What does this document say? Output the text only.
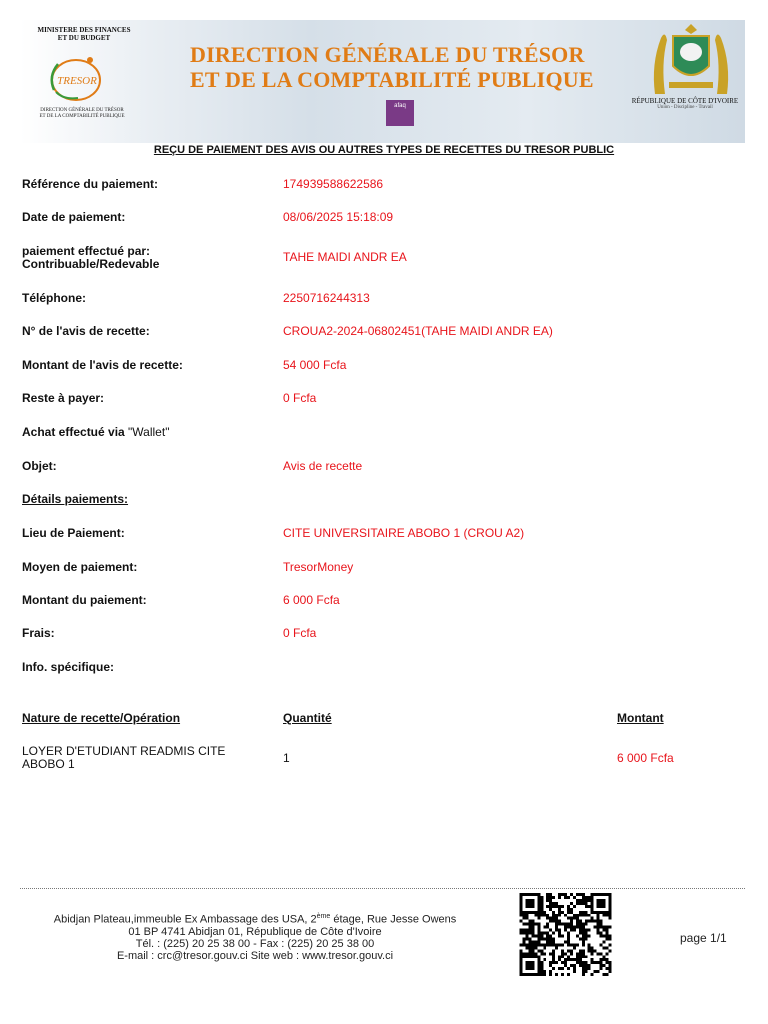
MINISTERE DES FINANCES
ET DU BUDGET
TRESOR
DIRECTION GÉNÉRALE DU TRÉSOR
ET DE LA COMPTABILITÉ PUBLIQUE
DIRECTION GÉNÉRALE DU TRÉSOR
ET DE LA COMPTABILITÉ PUBLIQUE
afaq
RÉPUBLIQUE DE CÔTE D'IVOIRE
Union - Discipline - Travail
REÇU DE PAIEMENT DES AVIS OU AUTRES TYPES DE RECETTES DU TRESOR PUBLIC
Référence du paiement:	174939588622586
Date de paiement:	08/06/2025 15:18:09
paiement effectué par:
Contribuable/Redevable	TAHE MAIDI ANDR EA
Téléphone:	2250716244313
N° de l'avis de recette:	CROUA2-2024-06802451(TAHE MAIDI ANDR EA)
Montant de l'avis de recette:	54 000 Fcfa
Reste à payer:	0 Fcfa
Achat effectué via "Wallet"
Objet:	Avis de recette
Détails paiements:
Lieu de Paiement:	CITE UNIVERSITAIRE ABOBO 1 (CROU A2)
Moyen de paiement:	TresorMoney
Montant du paiement:	6 000 Fcfa
Frais:	0 Fcfa
Info. spécifique:
Nature de recette/Opération	Quantité	Montant
LOYER D'ETUDIANT READMIS CITE
ABOBO 1	1	6 000 Fcfa
Abidjan Plateau,immeuble Ex Ambassage des USA, 2ème étage, Rue Jesse Owens
01 BP 4741 Abidjan 01, République de Côte d'Ivoire
Tél. : (225) 20 25 38 00 - Fax : (225) 20 25 38 00
E-mail : crc@tresor.gouv.ci Site web : www.tresor.gouv.ci
page 1/1
